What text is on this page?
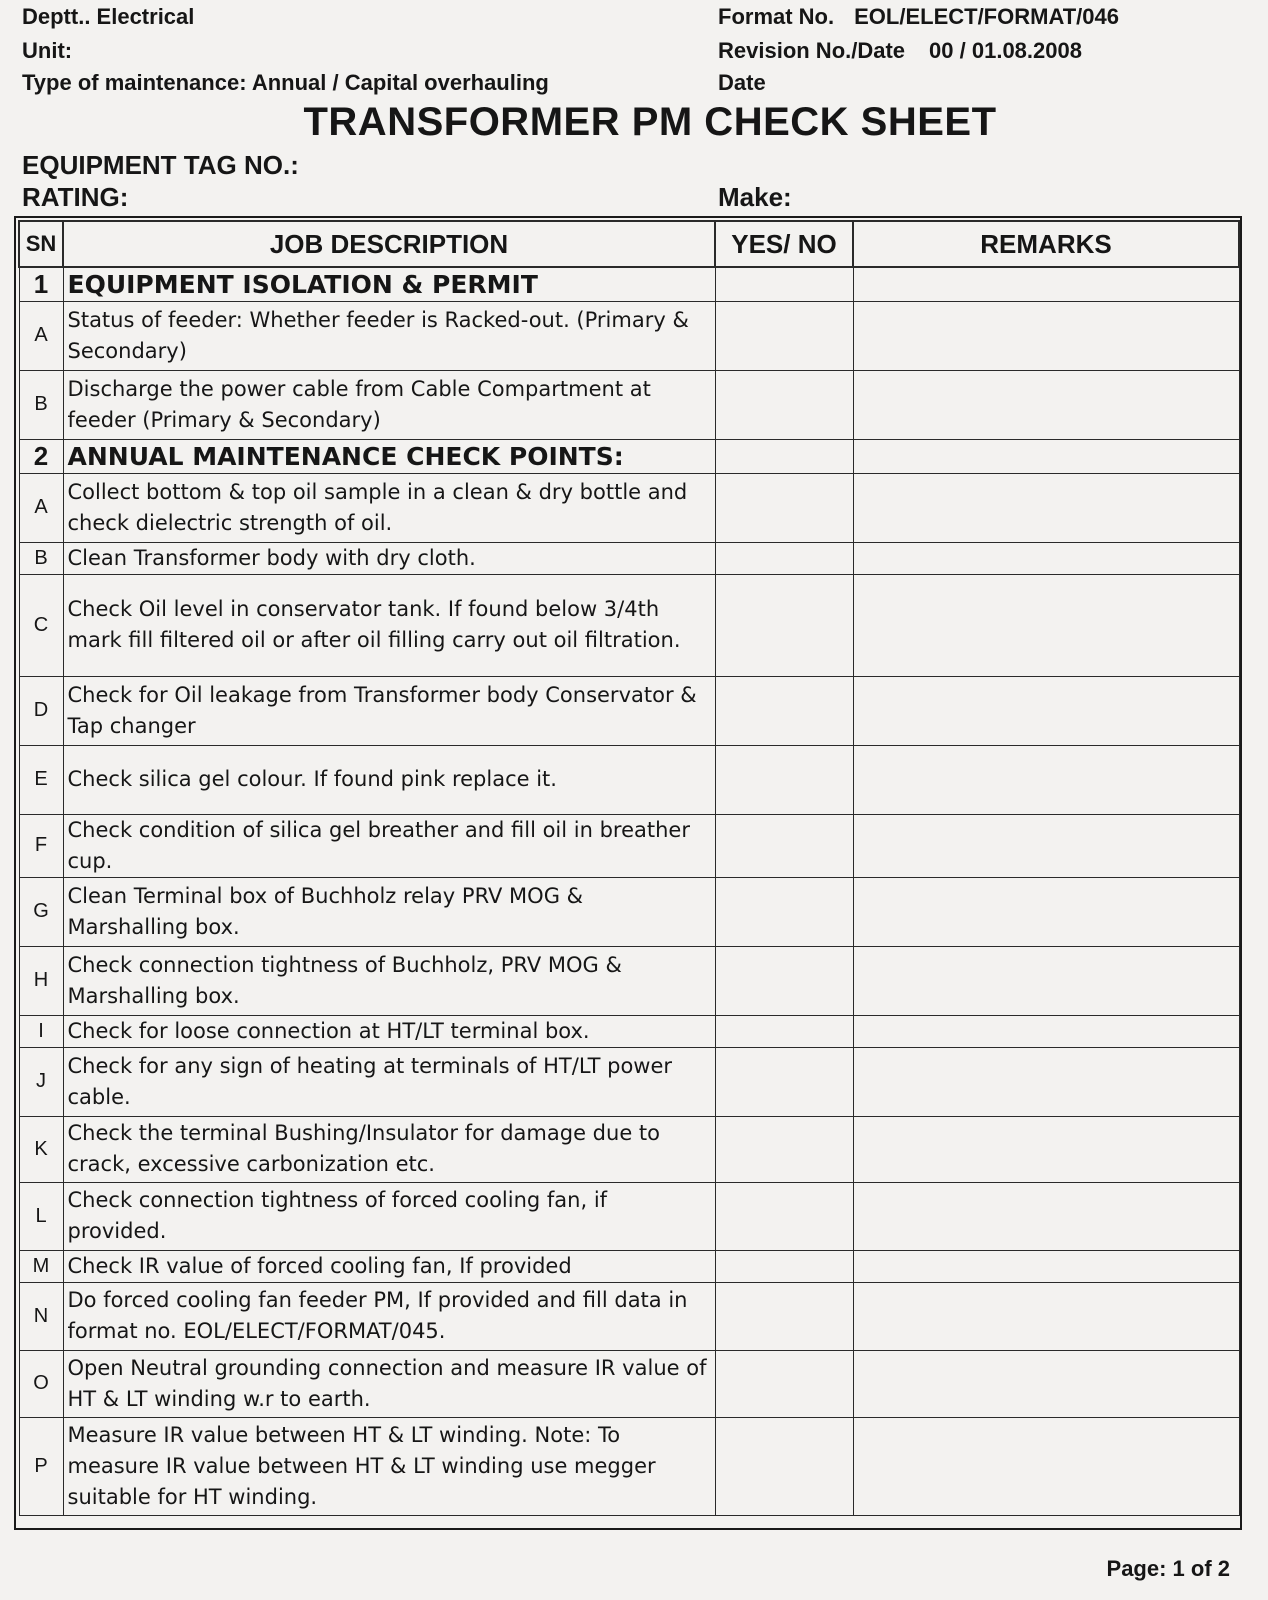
Deptt.. Electrical
Unit:
Type of maintenance: Annual / Capital overhauling
Format No. EOL/ELECT/FORMAT/046
Revision No./Date 00 / 01.08.2008
Date
TRANSFORMER PM CHECK SHEET
EQUIPMENT TAG NO.:
RATING:	Make:
SN	JOB DESCRIPTION	YES/ NO	REMARKS
1	EQUIPMENT ISOLATION & PERMIT		
A	Status of feeder: Whether feeder is Racked-out. (Primary & Secondary)		
B	Discharge the power cable from Cable Compartment at feeder (Primary & Secondary)		
2	ANNUAL MAINTENANCE CHECK POINTS:		
A	Collect bottom & top oil sample in a clean & dry bottle and check dielectric strength of oil.		
B	Clean Transformer body with dry cloth.		
C	Check Oil level in conservator tank. If found below 3/4th mark fill filtered oil or after oil filling carry out oil filtration.		
D	Check for Oil leakage from Transformer body Conservator & Tap changer		
E	Check silica gel colour. If found pink replace it.		
F	Check condition of silica gel breather and fill oil in breather cup.		
G	Clean Terminal box of Buchholz relay PRV MOG & Marshalling box.		
H	Check connection tightness of Buchholz, PRV MOG & Marshalling box.		
I	Check for loose connection at HT/LT terminal box.		
J	Check for any sign of heating at terminals of HT/LT power cable.		
K	Check the terminal Bushing/Insulator for damage due to crack, excessive carbonization etc.		
L	Check connection tightness of forced cooling fan, if provided.		
M	Check IR value of forced cooling fan, If provided		
N	Do forced cooling fan feeder PM, If provided and fill data in format no. EOL/ELECT/FORMAT/045.		
O	Open Neutral grounding connection and measure IR value of HT & LT winding w.r to earth.		
P	Measure IR value between HT & LT winding. Note: To measure IR value between HT & LT winding use megger suitable for HT winding.		
Page: 1 of 2
